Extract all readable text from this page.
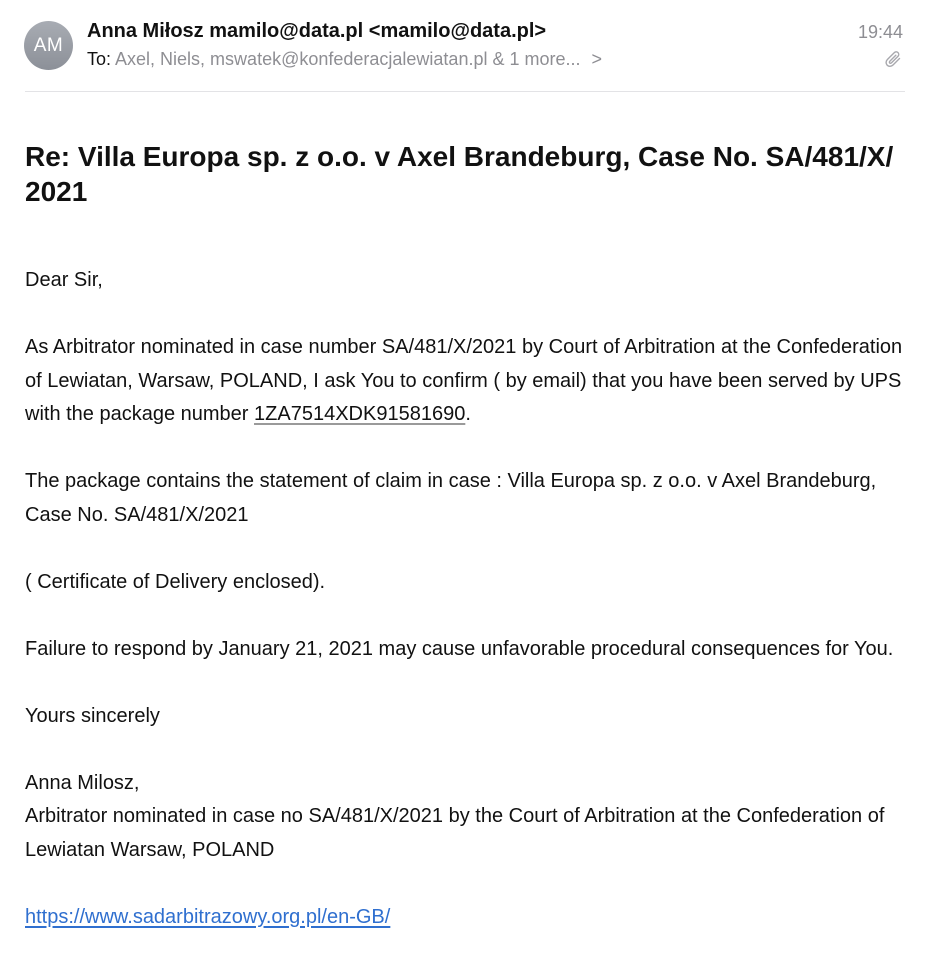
AM
Anna Miłosz mamilo@data.pl <mamilo@data.pl>
To: Axel, Niels, mswatek@konfederacjalewiatan.pl & 1 more... >
19:44
Re: Villa Europa sp. z o.o. v Axel Brandeburg, Case No. SA/481/X/ 2021

Dear Sir,

As Arbitrator nominated in case number SA/481/X/2021 by Court of Arbitration at the Confederation of Lewiatan, Warsaw, POLAND, I ask You to confirm ( by email) that you have been served by UPS with the package number 1ZA7514XDK91581690.

The package contains the statement of claim in case : Villa Europa sp. z o.o. v Axel Brandeburg, Case No. SA/481/X/2021

( Certificate of Delivery enclosed).

Failure to respond by January 21, 2021 may cause unfavorable procedural consequences for You.

Yours sincerely

Anna Milosz,

Arbitrator nominated in case no SA/481/X/2021 by the Court of Arbitration at the Confederation of Lewiatan Warsaw, POLAND

https://www.sadarbitrazowy.org.pl/en-GB/
